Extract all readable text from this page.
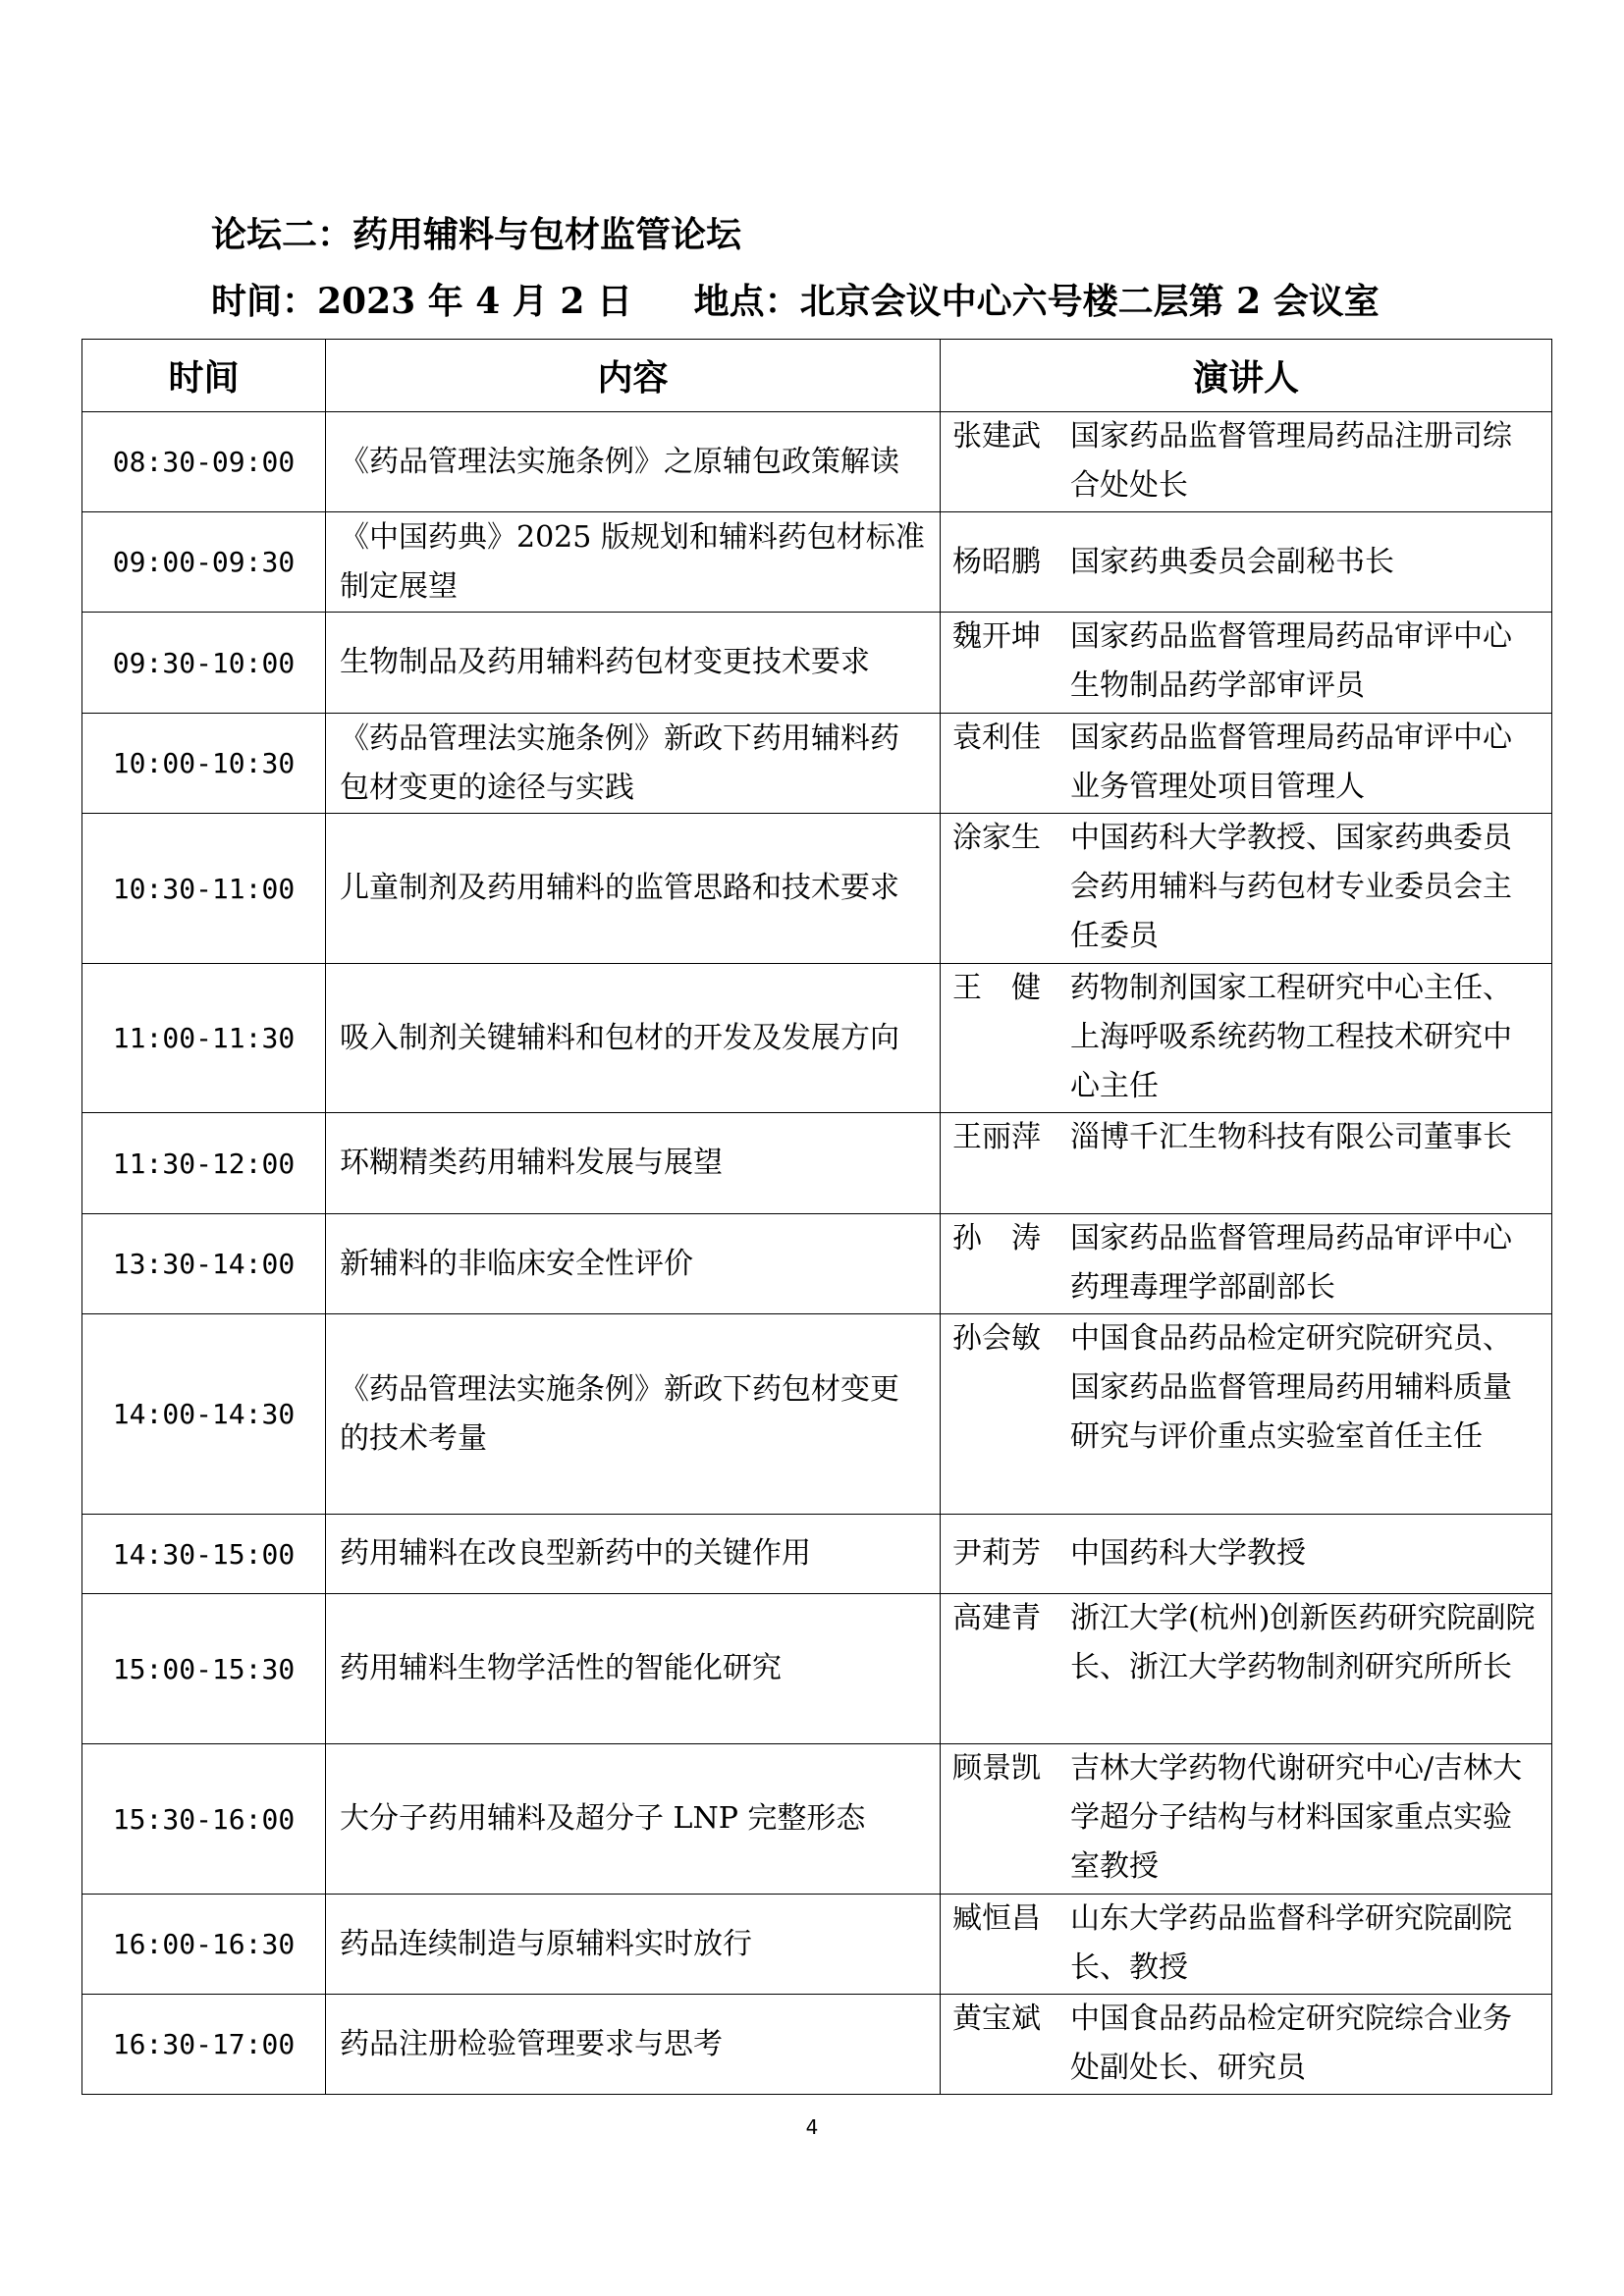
论坛二：药用辅料与包材监管论坛
时间：2023 年 4 月 2 日     地点：北京会议中心六号楼二层第 2 会议室
时间	内容	演讲人
08:30-09:00	《药品管理法实施条例》之原辅包政策解读	张建武 国家药品监督管理局药品注册司综合处处长

09:00-09:30	《中国药典》2025 版规划和辅料药包材标准制定展望	杨昭鹏 国家药典委员会副秘书长

09:30-10:00	生物制品及药用辅料药包材变更技术要求	魏开坤 国家药品监督管理局药品审评中心生物制品药学部审评员

10:00-10:30	《药品管理法实施条例》新政下药用辅料药包材变更的途径与实践	袁利佳 国家药品监督管理局药品审评中心业务管理处项目管理人

10:30-11:00	儿童制剂及药用辅料的监管思路和技术要求	涂家生 中国药科大学教授、国家药典委员会药用辅料与药包材专业委员会主任委员

11:00-11:30	吸入制剂关键辅料和包材的开发及发展方向	王　健 药物制剂国家工程研究中心主任、上海呼吸系统药物工程技术研究中心主任

11:30-12:00	环糊精类药用辅料发展与展望	王丽萍 淄博千汇生物科技有限公司董事长

13:30-14:00	新辅料的非临床安全性评价	孙　涛 国家药品监督管理局药品审评中心药理毒理学部副部长

14:00-14:30	《药品管理法实施条例》新政下药包材变更的技术考量	孙会敏 中国食品药品检定研究院研究员、国家药品监督管理局药用辅料质量研究与评价重点实验室首任主任

14:30-15:00	药用辅料在改良型新药中的关键作用	尹莉芳 中国药科大学教授

15:00-15:30	药用辅料生物学活性的智能化研究	高建青 浙江大学(杭州)创新医药研究院副院长、浙江大学药物制剂研究所所长

15:30-16:00	大分子药用辅料及超分子 LNP 完整形态	顾景凯 吉林大学药物代谢研究中心/吉林大学超分子结构与材料国家重点实验室教授

16:00-16:30	药品连续制造与原辅料实时放行	臧恒昌 山东大学药品监督科学研究院副院长、教授

16:30-17:00	药品注册检验管理要求与思考	黄宝斌 中国食品药品检定研究院综合业务处副处长、研究员
4
